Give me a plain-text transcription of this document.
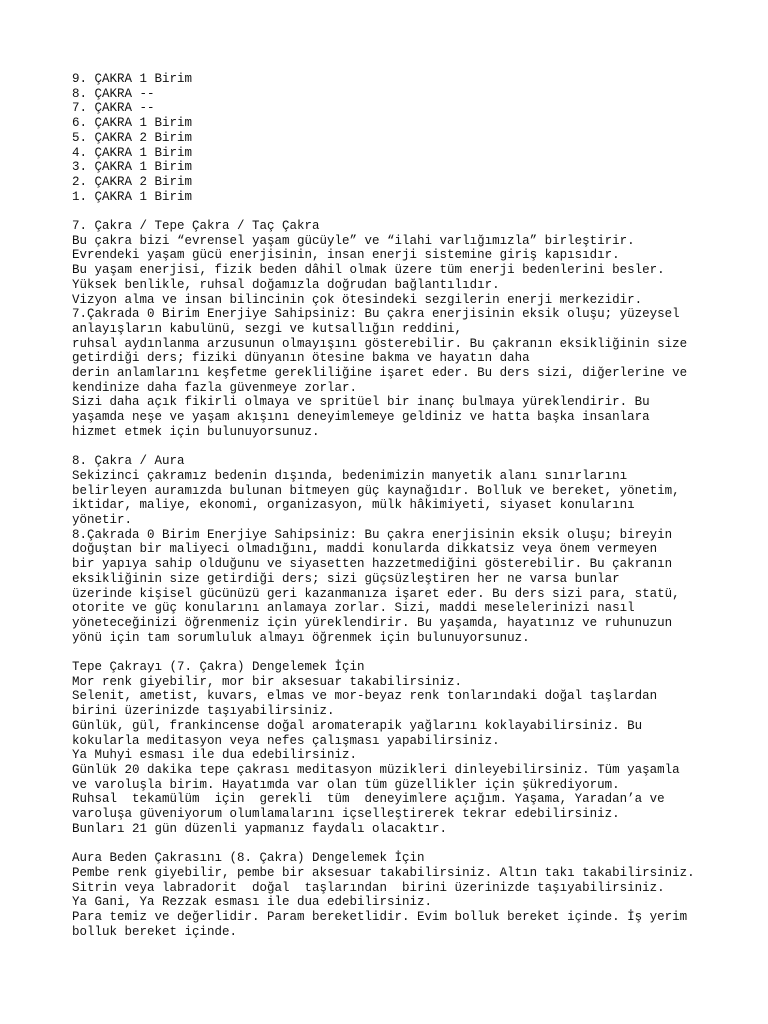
9. ÇAKRA 1 Birim
8. ÇAKRA --
7. ÇAKRA --
6. ÇAKRA 1 Birim
5. ÇAKRA 2 Birim
4. ÇAKRA 1 Birim
3. ÇAKRA 1 Birim
2. ÇAKRA 2 Birim
1. ÇAKRA 1 Birim
7. Çakra / Tepe Çakra / Taç Çakra
Bu çakra bizi “evrensel yaşam gücüyle” ve “ilahi varlığımızla” birleştirir.
Evrendeki yaşam gücü enerjisinin, insan enerji sistemine giriş kapısıdır.
Bu yaşam enerjisi, fizik beden dâhil olmak üzere tüm enerji bedenlerini besler.
Yüksek benlikle, ruhsal doğamızla doğrudan bağlantılıdır.
Vizyon alma ve insan bilincinin çok ötesindeki sezgilerin enerji merkezidir.
7.Çakrada 0 Birim Enerjiye Sahipsiniz: Bu çakra enerjisinin eksik oluşu; yüzeysel
anlayışların kabulünü, sezgi ve kutsallığın reddini,
ruhsal aydınlanma arzusunun olmayışını gösterebilir. Bu çakranın eksikliğinin size
getirdiği ders; fiziki dünyanın ötesine bakma ve hayatın daha
derin anlamlarını keşfetme gerekliliğine işaret eder. Bu ders sizi, diğerlerine ve
kendinize daha fazla güvenmeye zorlar.
Sizi daha açık fikirli olmaya ve spritüel bir inanç bulmaya yüreklendirir. Bu
yaşamda neşe ve yaşam akışını deneyimlemeye geldiniz ve hatta başka insanlara
hizmet etmek için bulunuyorsunuz.
8. Çakra / Aura
Sekizinci çakramız bedenin dışında, bedenimizin manyetik alanı sınırlarını
belirleyen auramızda bulunan bitmeyen güç kaynağıdır. Bolluk ve bereket, yönetim,
iktidar, maliye, ekonomi, organizasyon, mülk hâkimiyeti, siyaset konularını
yönetir.
8.Çakrada 0 Birim Enerjiye Sahipsiniz: Bu çakra enerjisinin eksik oluşu; bireyin
doğuştan bir maliyeci olmadığını, maddi konularda dikkatsiz veya önem vermeyen
bir yapıya sahip olduğunu ve siyasetten hazzetmediğini gösterebilir. Bu çakranın
eksikliğinin size getirdiği ders; sizi güçsüzleştiren her ne varsa bunlar
üzerinde kişisel gücünüzü geri kazanmanıza işaret eder. Bu ders sizi para, statü,
otorite ve güç konularını anlamaya zorlar. Sizi, maddi meselelerinizi nasıl
yöneteceğinizi öğrenmeniz için yüreklendirir. Bu yaşamda, hayatınız ve ruhunuzun
yönü için tam sorumluluk almayı öğrenmek için bulunuyorsunuz.
Tepe Çakrayı (7. Çakra) Dengelemek İçin
Mor renk giyebilir, mor bir aksesuar takabilirsiniz.
Selenit, ametist, kuvars, elmas ve mor-beyaz renk tonlarındaki doğal taşlardan
birini üzerinizde taşıyabilirsiniz.
Günlük, gül, frankincense doğal aromaterapik yağlarını koklayabilirsiniz. Bu
kokularla meditasyon veya nefes çalışması yapabilirsiniz.
Ya Muhyi esması ile dua edebilirsiniz.
Günlük 20 dakika tepe çakrası meditasyon müzikleri dinleyebilirsiniz. Tüm yaşamla
ve varoluşla birim. Hayatımda var olan tüm güzellikler için şükrediyorum.
Ruhsal  tekamülüm  için  gerekli  tüm  deneyimlere açığım. Yaşama, Yaradan’a ve
varoluşa güveniyorum olumlamalarını içselleştirerek tekrar edebilirsiniz.
Bunları 21 gün düzenli yapmanız faydalı olacaktır.
Aura Beden Çakrasını (8. Çakra) Dengelemek İçin
Pembe renk giyebilir, pembe bir aksesuar takabilirsiniz. Altın takı takabilirsiniz.
Sitrin veya labradorit  doğal  taşlarından  birini üzerinizde taşıyabilirsiniz.
Ya Gani, Ya Rezzak esması ile dua edebilirsiniz.
Para temiz ve değerlidir. Param bereketlidir. Evim bolluk bereket içinde. İş yerim
bolluk bereket içinde.
